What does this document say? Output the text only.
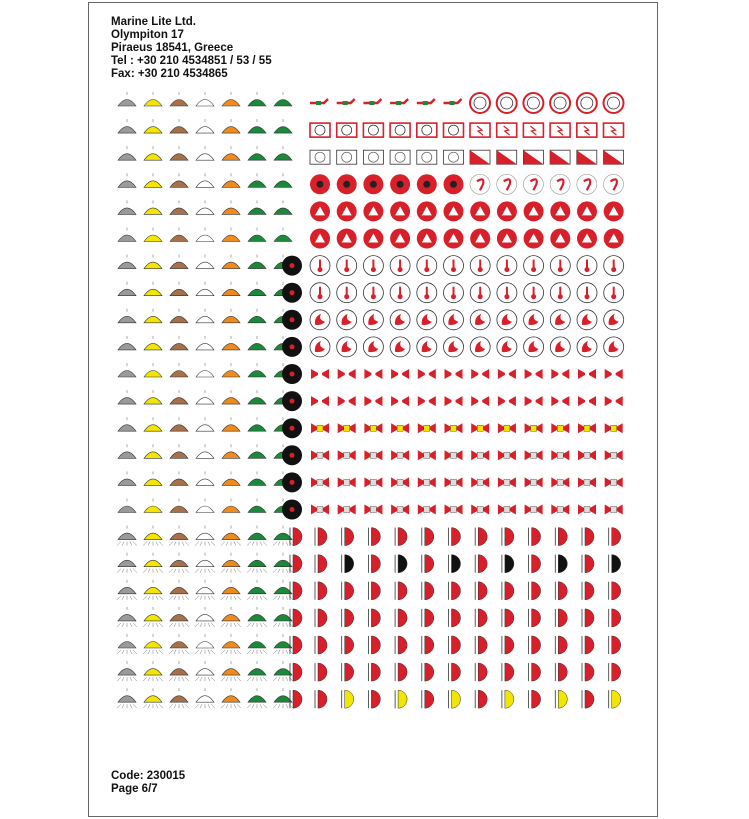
Marine Lite Ltd.
Olympiton 17
Piraeus 18541, Greece
Tel : +30 210 4534851 / 53 / 55
Fax: +30 210 4534865
Code: 230015
Page 6/7
